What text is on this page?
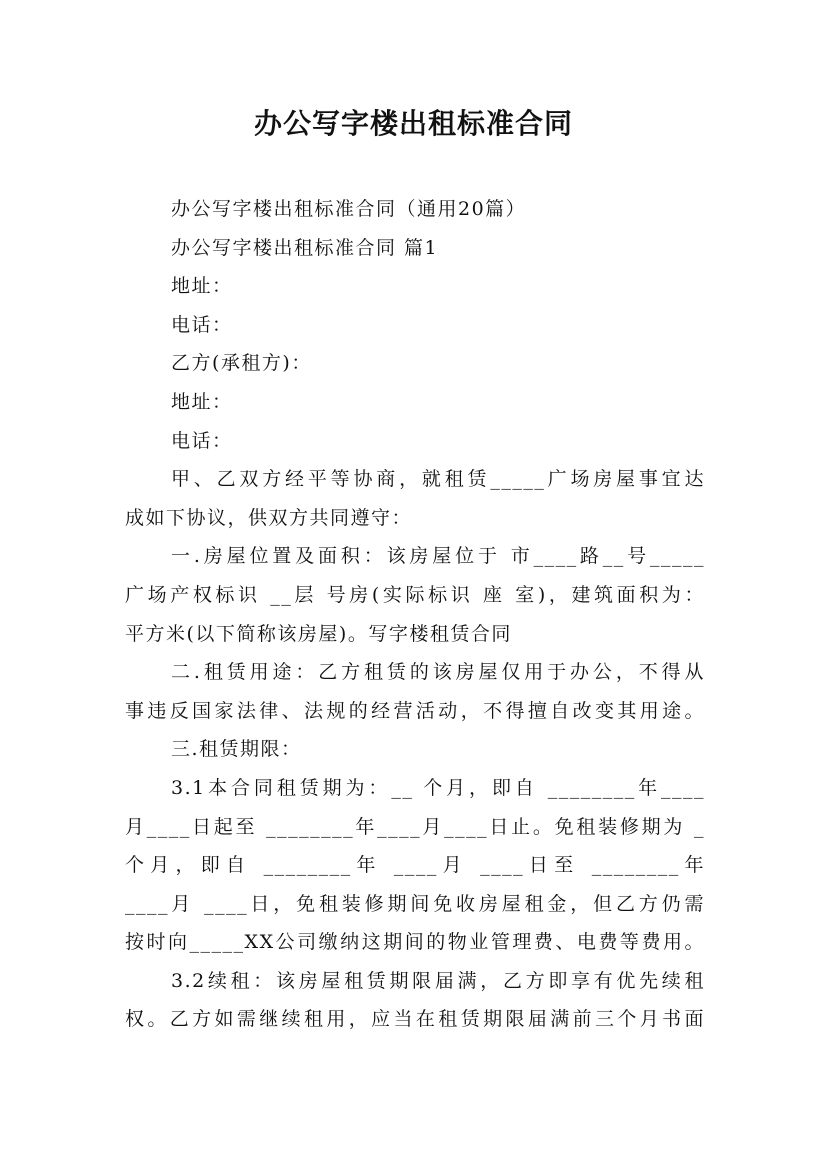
办公写字楼出租标准合同

办公写字楼出租标准合同（通用20篇）

办公写字楼出租标准合同 篇1

地址：

电话：

乙方(承租方)：

地址：

电话：

甲、乙双方经平等协商，就租赁_____广场房屋事宜达

成如下协议，供双方共同遵守：

一.房屋位置及面积：该房屋位于 市____路__号_____

广场产权标识 __层 号房(实际标识 座 室)，建筑面积为：

平方米(以下简称该房屋)。写字楼租赁合同

二.租赁用途：乙方租赁的该房屋仅用于办公，不得从

事违反国家法律、法规的经营活动，不得擅自改变其用途。

三.租赁期限：

3.1本合同租赁期为：__ 个月，即自 ________年____

月____日起至 ________年____月____日止。免租装修期为 _

个月，即自 ________年 ____月 ____日至 ________年

____月 ____日，免租装修期间免收房屋租金，但乙方仍需

按时向_____XX公司缴纳这期间的物业管理费、电费等费用。

3.2续租：该房屋租赁期限届满，乙方即享有优先续租

权。乙方如需继续租用，应当在租赁期限届满前三个月书面
